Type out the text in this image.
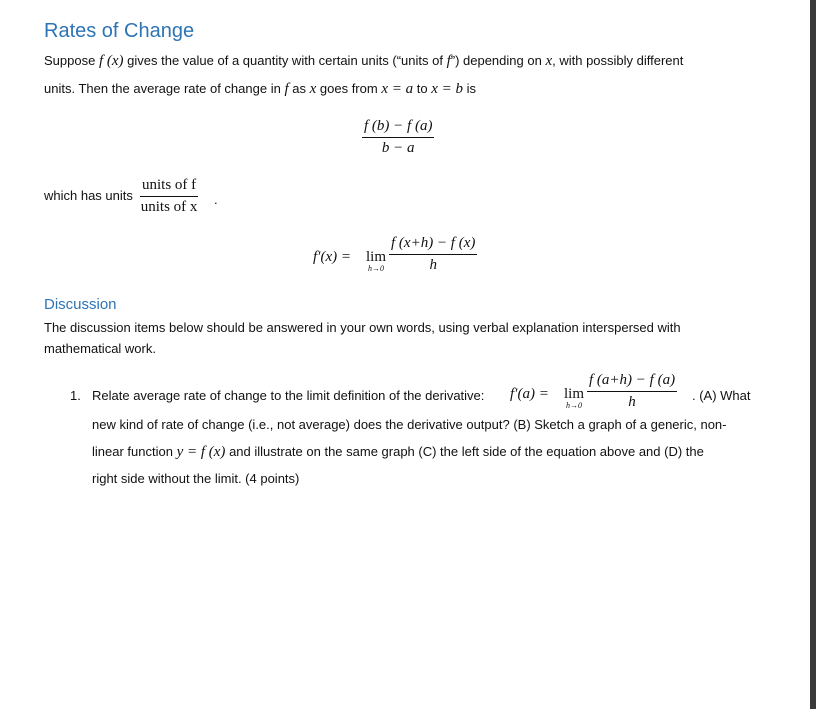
Rates of Change
Suppose f (x) gives the value of a quantity with certain units (“units of f”) depending on x, with possibly different
units. Then the average rate of change in f as x goes from x = a to x = b is
$\frac{f (b) - f (a)}{b - a}$
which has units
units of f
units of x .
f′(x) = lim
$h\to 0 \frac{f (x+h) - f (x)}{h}$
Discussion
The discussion items below should be answered in your own words, using verbal explanation interspersed with
mathematical work.
1. Relate average rate of change to the limit definition of the derivative: f′(a) = lim
$h\to 0 \frac{f (a+h) - f (a)}{h}$ . (A) What
new kind of rate of change (i.e., not average) does the derivative output? (B) Sketch a graph of a generic, non-
linear function y = f (x) and illustrate on the same graph (C) the left side of the equation above and (D) the
right side without the limit. (4 points)
